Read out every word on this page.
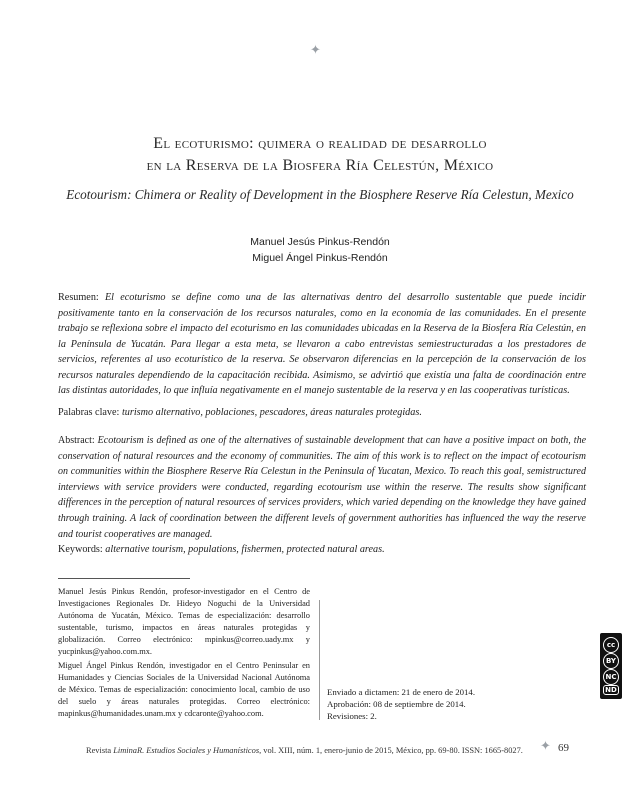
✦
El ecoturismo: quimera o realidad de desarrollo
en la Reserva de la Biosfera Ría Celestún, México
Ecotourism: Chimera or Reality of Development in the Biosphere Reserve Ría Celestun, Mexico
Manuel Jesús Pinkus-Rendón
Miguel Ángel Pinkus-Rendón
Resumen: El ecoturismo se define como una de las alternativas dentro del desarrollo sustentable que puede incidir positivamente tanto en la conservación de los recursos naturales, como en la economía de las comunidades. En el presente trabajo se reflexiona sobre el impacto del ecoturismo en las comunidades ubicadas en la Reserva de la Biosfera Ría Celestún, en la Península de Yucatán. Para llegar a esta meta, se llevaron a cabo entrevistas semiestructuradas a los prestadores de servicios, referentes al uso ecoturístico de la reserva. Se observaron diferencias en la percepción de la conservación de los recursos naturales dependiendo de la capacitación recibida. Asimismo, se advirtió que existía una falta de coordinación entre las distintas autoridades, lo que influía negativamente en el manejo sustentable de la reserva y en las cooperativas turísticas.
Palabras clave: turismo alternativo, poblaciones, pescadores, áreas naturales protegidas.
Abstract: Ecotourism is defined as one of the alternatives of sustainable development that can have a positive impact on both, the conservation of natural resources and the economy of communities. The aim of this work is to reflect on the impact of ecotourism on communities within the Biosphere Reserve Ría Celestun in the Peninsula of Yucatan, Mexico. To reach this goal, semistructured interviews with service providers were conducted, regarding ecotourism use within the reserve. The results show significant differences in the perception of natural resources of services providers, which varied depending on the knowledge they have gained through training. A lack of coordination between the different levels of government authorities has influenced the way the reserve and tourist cooperatives are managed.
Keywords: alternative tourism, populations, fishermen, protected natural areas.
Manuel Jesús Pinkus Rendón, profesor-investigador en el Centro de Investigaciones Regionales Dr. Hideyo Noguchi de la Universidad Autónoma de Yucatán, México. Temas de especialización: desarrollo sustentable, turismo, impactos en áreas naturales protegidas y globalización. Correo electrónico: mpinkus@correo.uady.mx y yucpinkus@yahoo.com.mx.
Miguel Ángel Pinkus Rendón, investigador en el Centro Peninsular en Humanidades y Ciencias Sociales de la Universidad Nacional Autónoma de México. Temas de especialización: conocimiento local, cambio de uso del suelo y áreas naturales protegidas. Correo electrónico: mapinkus@humanidades.unam.mx y cdcaronte@yahoo.com.
Enviado a dictamen: 21 de enero de 2014.
Aprobación: 08 de septiembre de 2014.
Revisiones: 2.
cc
BY
NC
ND
Revista LiminaR. Estudios Sociales y Humanísticos, vol. XIII, núm. 1, enero-junio de 2015, México, pp. 69-80. ISSN: 1665-8027. ✦ 69
